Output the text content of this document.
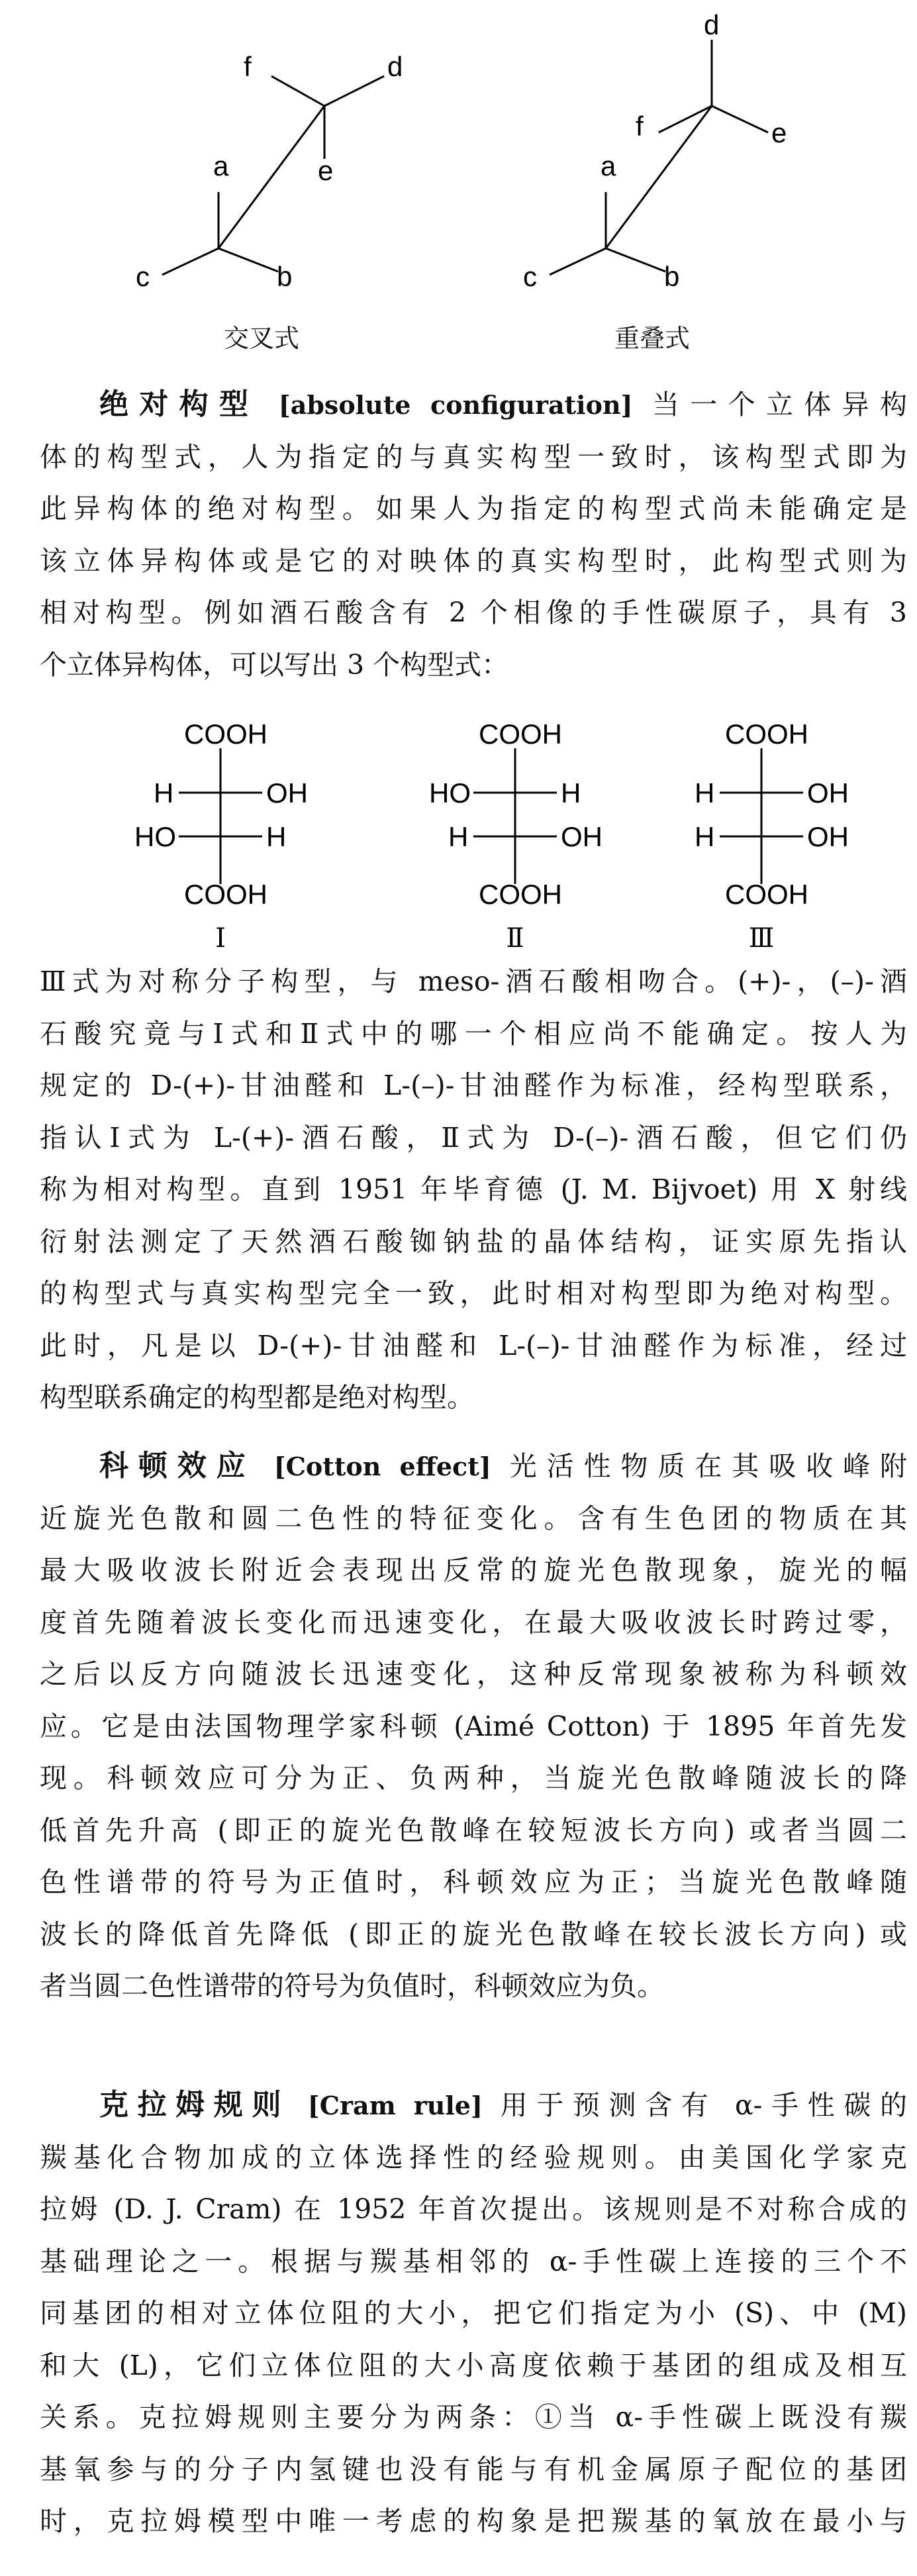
a
c	b
f	d
e	a
c	b
d
f	e
交叉式	重叠式
绝对构型 [absolute configuration] 当一个立体异构
体的构型式，人为指定的与真实构型一致时，该构型式即为
此异构体的绝对构型。如果人为指定的构型式尚未能确定是
该立体异构体或是它的对映体的真实构型时，此构型式则为
相对构型。例如酒石酸含有 2 个相像的手性碳原子，具有 3
个立体异构体，可以写出 3 个构型式：
COOH
H	OH
HO	H
COOH
COOH
HO	H
H	OH
COOH
COOH
H	OH
H	OH
COOH
Ⅰ	Ⅱ	Ⅲ
Ⅲ式为对称分子构型，与 meso-酒石酸相吻合。(+)-，(–)-酒
石酸究竟与Ⅰ式和Ⅱ式中的哪一个相应尚不能确定。按人为
规定的 D-(+)-甘油醛和 L-(–)-甘油醛作为标准，经构型联系，
指认Ⅰ式为 L-(+)-酒石酸，Ⅱ式为 D-(–)-酒石酸，但它们仍
称为相对构型。直到 1951 年毕育德 (J. M. Bijvoet) 用 X 射线
衍射法测定了天然酒石酸铷钠盐的晶体结构，证实原先指认
的构型式与真实构型完全一致，此时相对构型即为绝对构型。
此时，凡是以 D-(+)-甘油醛和 L-(–)-甘油醛作为标准，经过
构型联系确定的构型都是绝对构型。
科顿效应 [Cotton effect] 光活性物质在其吸收峰附
近旋光色散和圆二色性的特征变化。含有生色团的物质在其
最大吸收波长附近会表现出反常的旋光色散现象，旋光的幅
度首先随着波长变化而迅速变化，在最大吸收波长时跨过零，
之后以反方向随波长迅速变化，这种反常现象被称为科顿效
应。它是由法国物理学家科顿 (Aimé Cotton) 于 1895 年首先发
现。科顿效应可分为正、负两种，当旋光色散峰随波长的降
低首先升高 (即正的旋光色散峰在较短波长方向) 或者当圆二
色性谱带的符号为正值时，科顿效应为正；当旋光色散峰随
波长的降低首先降低 (即正的旋光色散峰在较长波长方向) 或
者当圆二色性谱带的符号为负值时，科顿效应为负。
克拉姆规则 [Cram rule] 用于预测含有 α-手性碳的
羰基化合物加成的立体选择性的经验规则。由美国化学家克
拉姆 (D. J. Cram) 在 1952 年首次提出。该规则是不对称合成的
基础理论之一。根据与羰基相邻的 α-手性碳上连接的三个不
同基团的相对立体位阻的大小，把它们指定为小 (S)、中 (M)
和大 (L)，它们立体位阻的大小高度依赖于基团的组成及相互
关系。克拉姆规则主要分为两条：①当 α-手性碳上既没有羰
基氧参与的分子内氢键也没有能与有机金属原子配位的基团
时，克拉姆模型中唯一考虑的构象是把羰基的氧放在最小与
